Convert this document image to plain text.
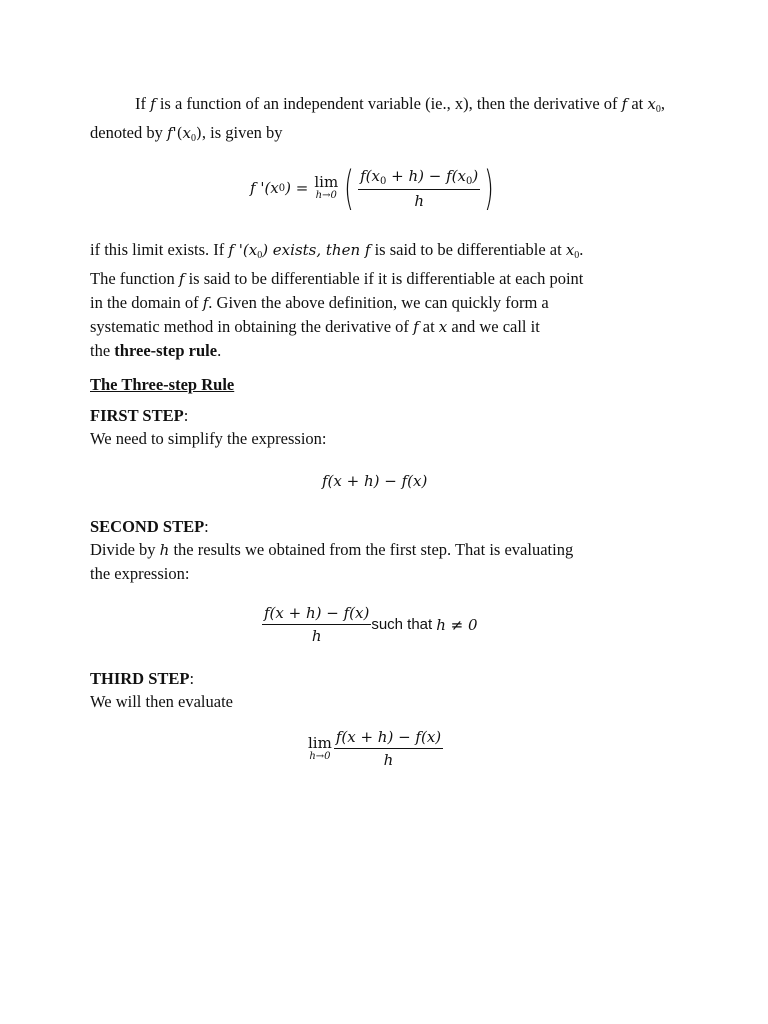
If f is a function of an independent variable (ie., x), then the derivative of f at $x_0$, denoted by $f'(x_0)$, is given by

f '(x 0 ) = lim
h→0 ( $\frac{f(x_0 + h) - f(x_0)}{h}$ )

if this limit exists. If f '$(x_0)$ exists, then f is said to be differentiable at $x_0$.
The function f is said to be differentiable if it is differentiable at each point
in the domain of f. Given the above definition, we can quickly form a
systematic method in obtaining the derivative of f at x and we call it
the three-step rule.

The Three-step Rule

FIRST STEP:
We need to simplify the expression:

f(x + h) − f(x)

SECOND STEP:
Divide by h the results we obtained from the first step. That is evaluating
the expression:

$\frac{f(x + h) - f(x)}{h}$ such that h ≠ 0

THIRD STEP:
We will then evaluate

lim
$h\to 0 \frac{f(x + h) - f(x)}{h}$
